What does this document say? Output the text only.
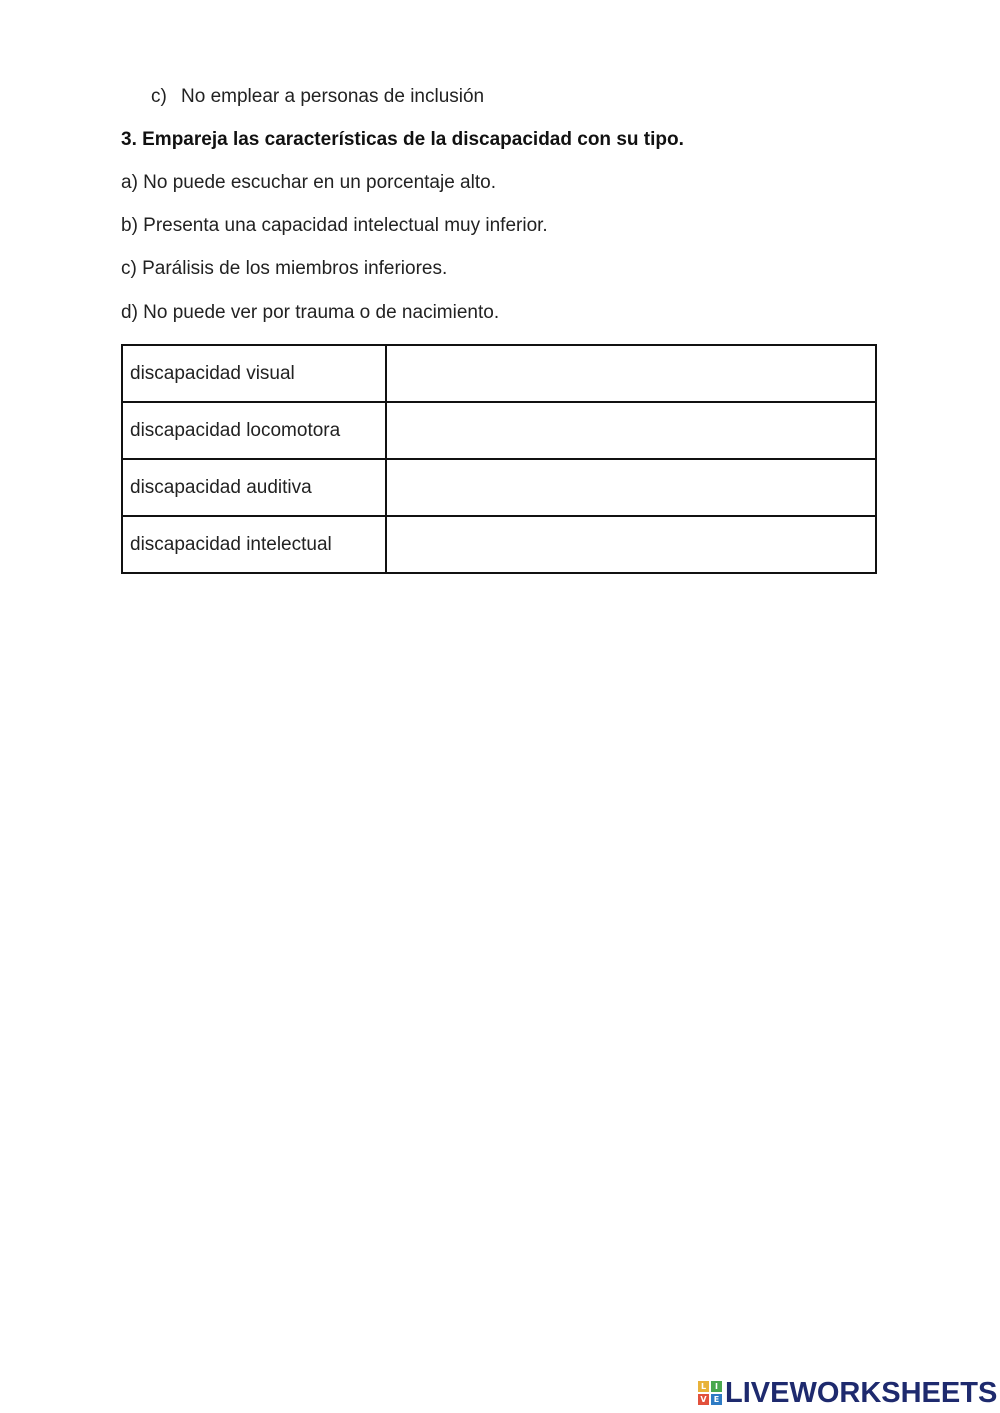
c) No emplear a personas de inclusión
3. Empareja las características de la discapacidad con su tipo.
a) No puede escuchar en un porcentaje alto.
b) Presenta una capacidad intelectual muy inferior.
c) Parálisis de los miembros inferiores.
d) No puede ver por trauma o de nacimiento.
discapacidad visual	
discapacidad locomotora	
discapacidad auditiva	
discapacidad intelectual	
L	I
V E LIVEWORKSHEETS
